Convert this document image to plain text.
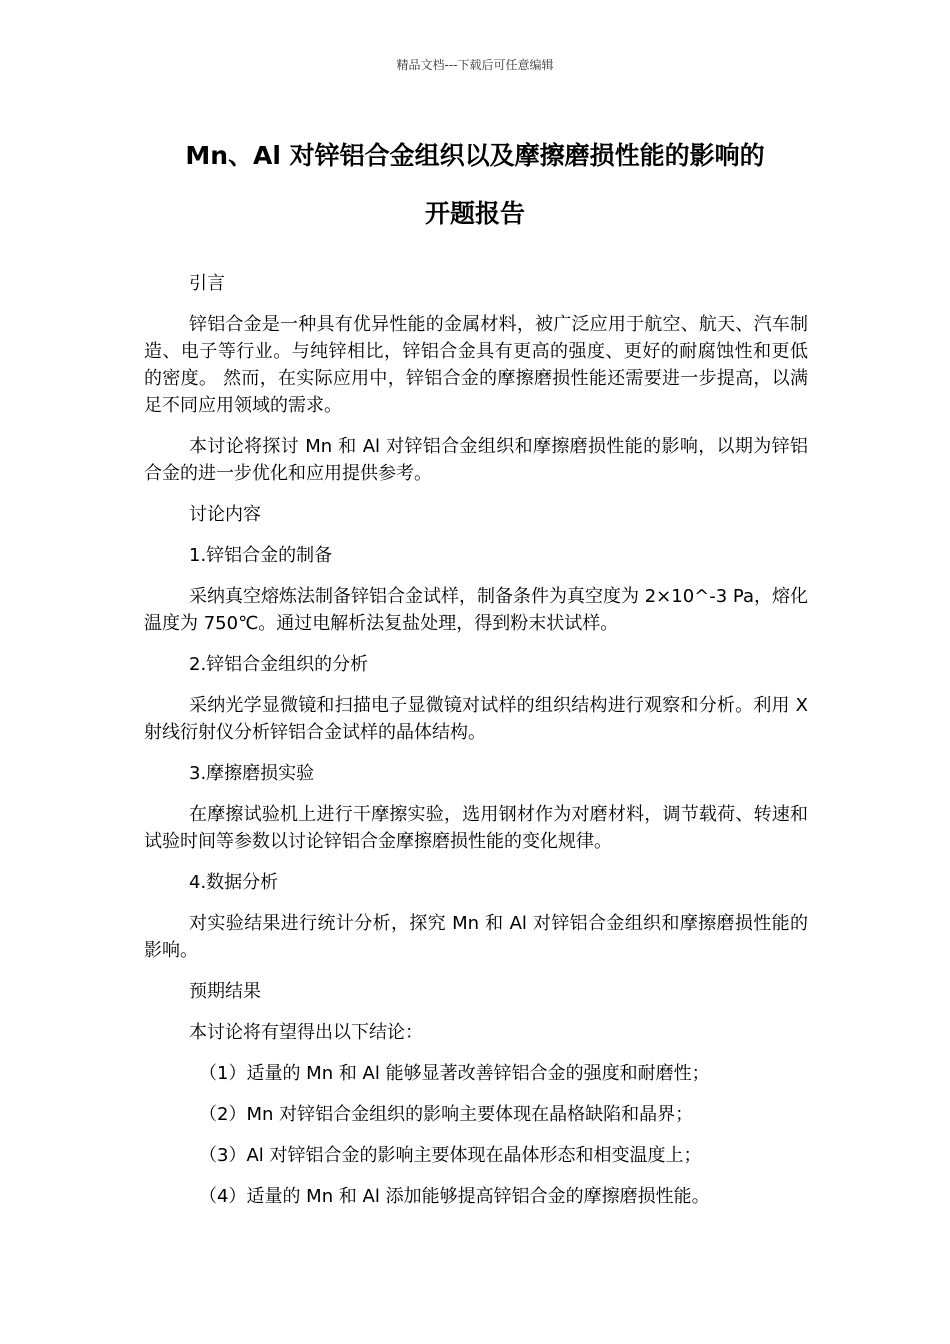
精品文档---下载后可任意编辑
Mn、Al 对锌铝合金组织以及摩擦磨损性能的影响的
开题报告

引言

锌铝合金是一种具有优异性能的金属材料，被广泛应用于航空、航天、汽车制造、电子等行业。与纯锌相比，锌铝合金具有更高的强度、更好的耐腐蚀性和更低的密度。 然而，在实际应用中，锌铝合金的摩擦磨损性能还需要进一步提高，以满足不同应用领域的需求。

本讨论将探讨 Mn 和 Al 对锌铝合金组织和摩擦磨损性能的影响，以期为锌铝合金的进一步优化和应用提供参考。

讨论内容

1.锌铝合金的制备

采纳真空熔炼法制备锌铝合金试样，制备条件为真空度为 2×10^-3 Pa，熔化温度为 750℃。通过电解析法复盐处理，得到粉末状试样。

2.锌铝合金组织的分析

采纳光学显微镜和扫描电子显微镜对试样的组织结构进行观察和分析。利用 X 射线衍射仪分析锌铝合金试样的晶体结构。

3.摩擦磨损实验

在摩擦试验机上进行干摩擦实验，选用钢材作为对磨材料，调节载荷、转速和试验时间等参数以讨论锌铝合金摩擦磨损性能的变化规律。

4.数据分析

对实验结果进行统计分析，探究 Mn 和 Al 对锌铝合金组织和摩擦磨损性能的影响。

预期结果

本讨论将有望得出以下结论：

（1）适量的 Mn 和 Al 能够显著改善锌铝合金的强度和耐磨性；

（2）Mn 对锌铝合金组织的影响主要体现在晶格缺陷和晶界；

（3）Al 对锌铝合金的影响主要体现在晶体形态和相变温度上；

（4）适量的 Mn 和 Al 添加能够提高锌铝合金的摩擦磨损性能。
